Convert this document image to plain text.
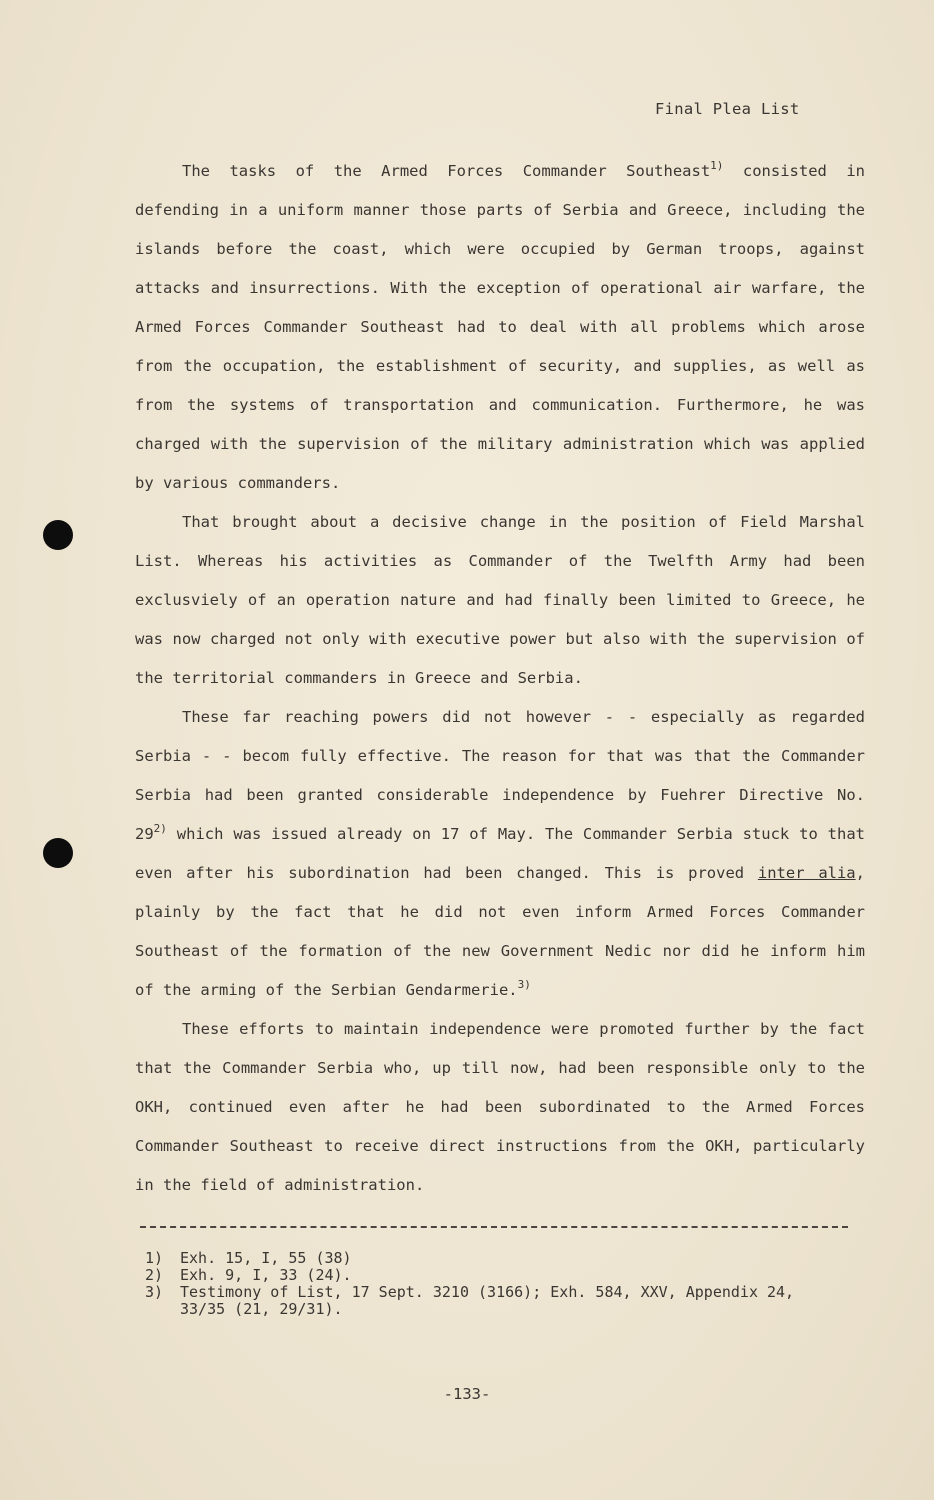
Final Plea List

The tasks of the Armed Forces Commander Southeast$^{1)}$ consisted in defending in a uniform manner those parts of Serbia and Greece, including the islands before the coast, which were occupied by German troops, against attacks and insurrections. With the exception of operational air warfare, the Armed Forces Commander Southeast had to deal with all problems which arose from the occupation, the establishment of security, and supplies, as well as from the systems of transportation and communication. Furthermore, he was charged with the supervision of the military administration which was applied by various commanders.

That brought about a decisive change in the position of Field Marshal List. Whereas his activities as Commander of the Twelfth Army had been exclusviely of an operation nature and had finally been limited to Greece, he was now charged not only with executive power but also with the supervision of the territorial commanders in Greece and Serbia.

These far reaching powers did not however - - especially as regarded Serbia - - becom fully effective. The reason for that was that the Commander Serbia had been granted considerable independence by Fuehrer Directive No. 29$^{2)}$ which was issued already on 17 of May. The Commander Serbia stuck to that even after his subordination had been changed. This is proved inter alia, plainly by the fact that he did not even inform Armed Forces Commander Southeast of the formation of the new Government Nedic nor did he inform him of the arming of the Serbian Gendarmerie.$^{3)}$

These efforts to maintain independence were promoted further by the fact that the Commander Serbia who, up till now, had been responsible only to the OKH, continued even after he had been subordinated to the Armed Forces Commander Southeast to receive direct instructions from the OKH, particularly in the field of administration.

1)	Exh. 15, I, 55 (38)
2)	Exh. 9, I, 33 (24).
3)	Testimony of List, 17 Sept. 3210 (3166); Exh. 584, XXV, Appendix 24, 33/35 (21, 29/31).
-133-
